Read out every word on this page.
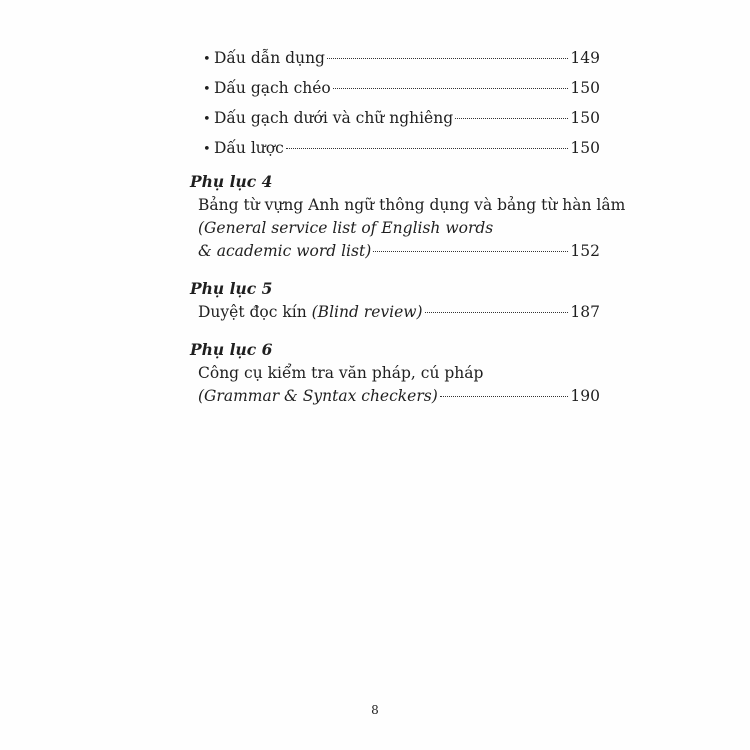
• Dấu dẫn dụng	149
• Dấu gạch chéo	150
• Dấu gạch dưới và chữ nghiêng	150
• Dấu lược	150
Phụ lục 4
Bảng từ vựng Anh ngữ thông dụng và bảng từ hàn lâm
(General service list of English words
& academic word list)	152
Phụ lục 5
Duyệt đọc kín (Blind review)	187
Phụ lục 6
Công cụ kiểm tra văn pháp, cú pháp
(Grammar & Syntax checkers)	190
8
